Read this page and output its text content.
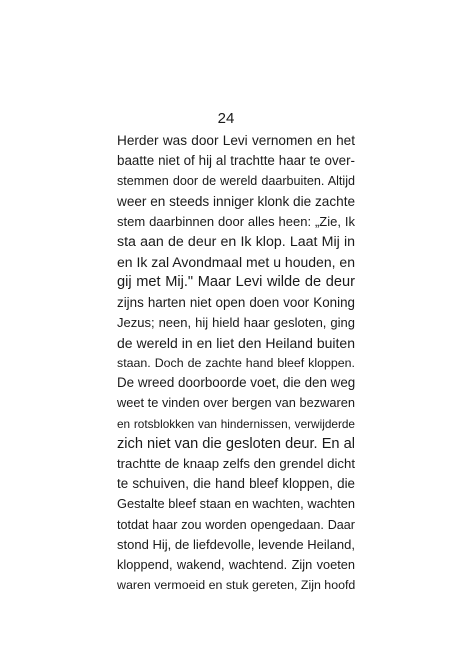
24
Herder was door Levi vernomen en het
baatte niet of hij al trachtte haar te over-
stemmen door de wereld daarbuiten. Altijd
weer en steeds inniger klonk die zachte
stem daarbinnen door alles heen: „Zie, Ik
sta aan de deur en Ik klop. Laat Mij in
en Ik zal Avondmaal met u houden, en
gij met Mij." Maar Levi wilde de deur
zijns harten niet open doen voor Koning
Jezus; neen, hij hield haar gesloten, ging
de wereld in en liet den Heiland buiten
staan. Doch de zachte hand bleef kloppen.
De wreed doorboorde voet, die den weg
weet te vinden over bergen van bezwaren
en rotsblokken van hindernissen, verwijderde
zich niet van die gesloten deur. En al
trachtte de knaap zelfs den grendel dicht
te schuiven, die hand bleef kloppen, die
Gestalte bleef staan en wachten, wachten
totdat haar zou worden opengedaan. Daar
stond Hij, de liefdevolle, levende Heiland,
kloppend, wakend, wachtend. Zijn voeten
waren vermoeid en stuk gereten, Zijn hoofd
